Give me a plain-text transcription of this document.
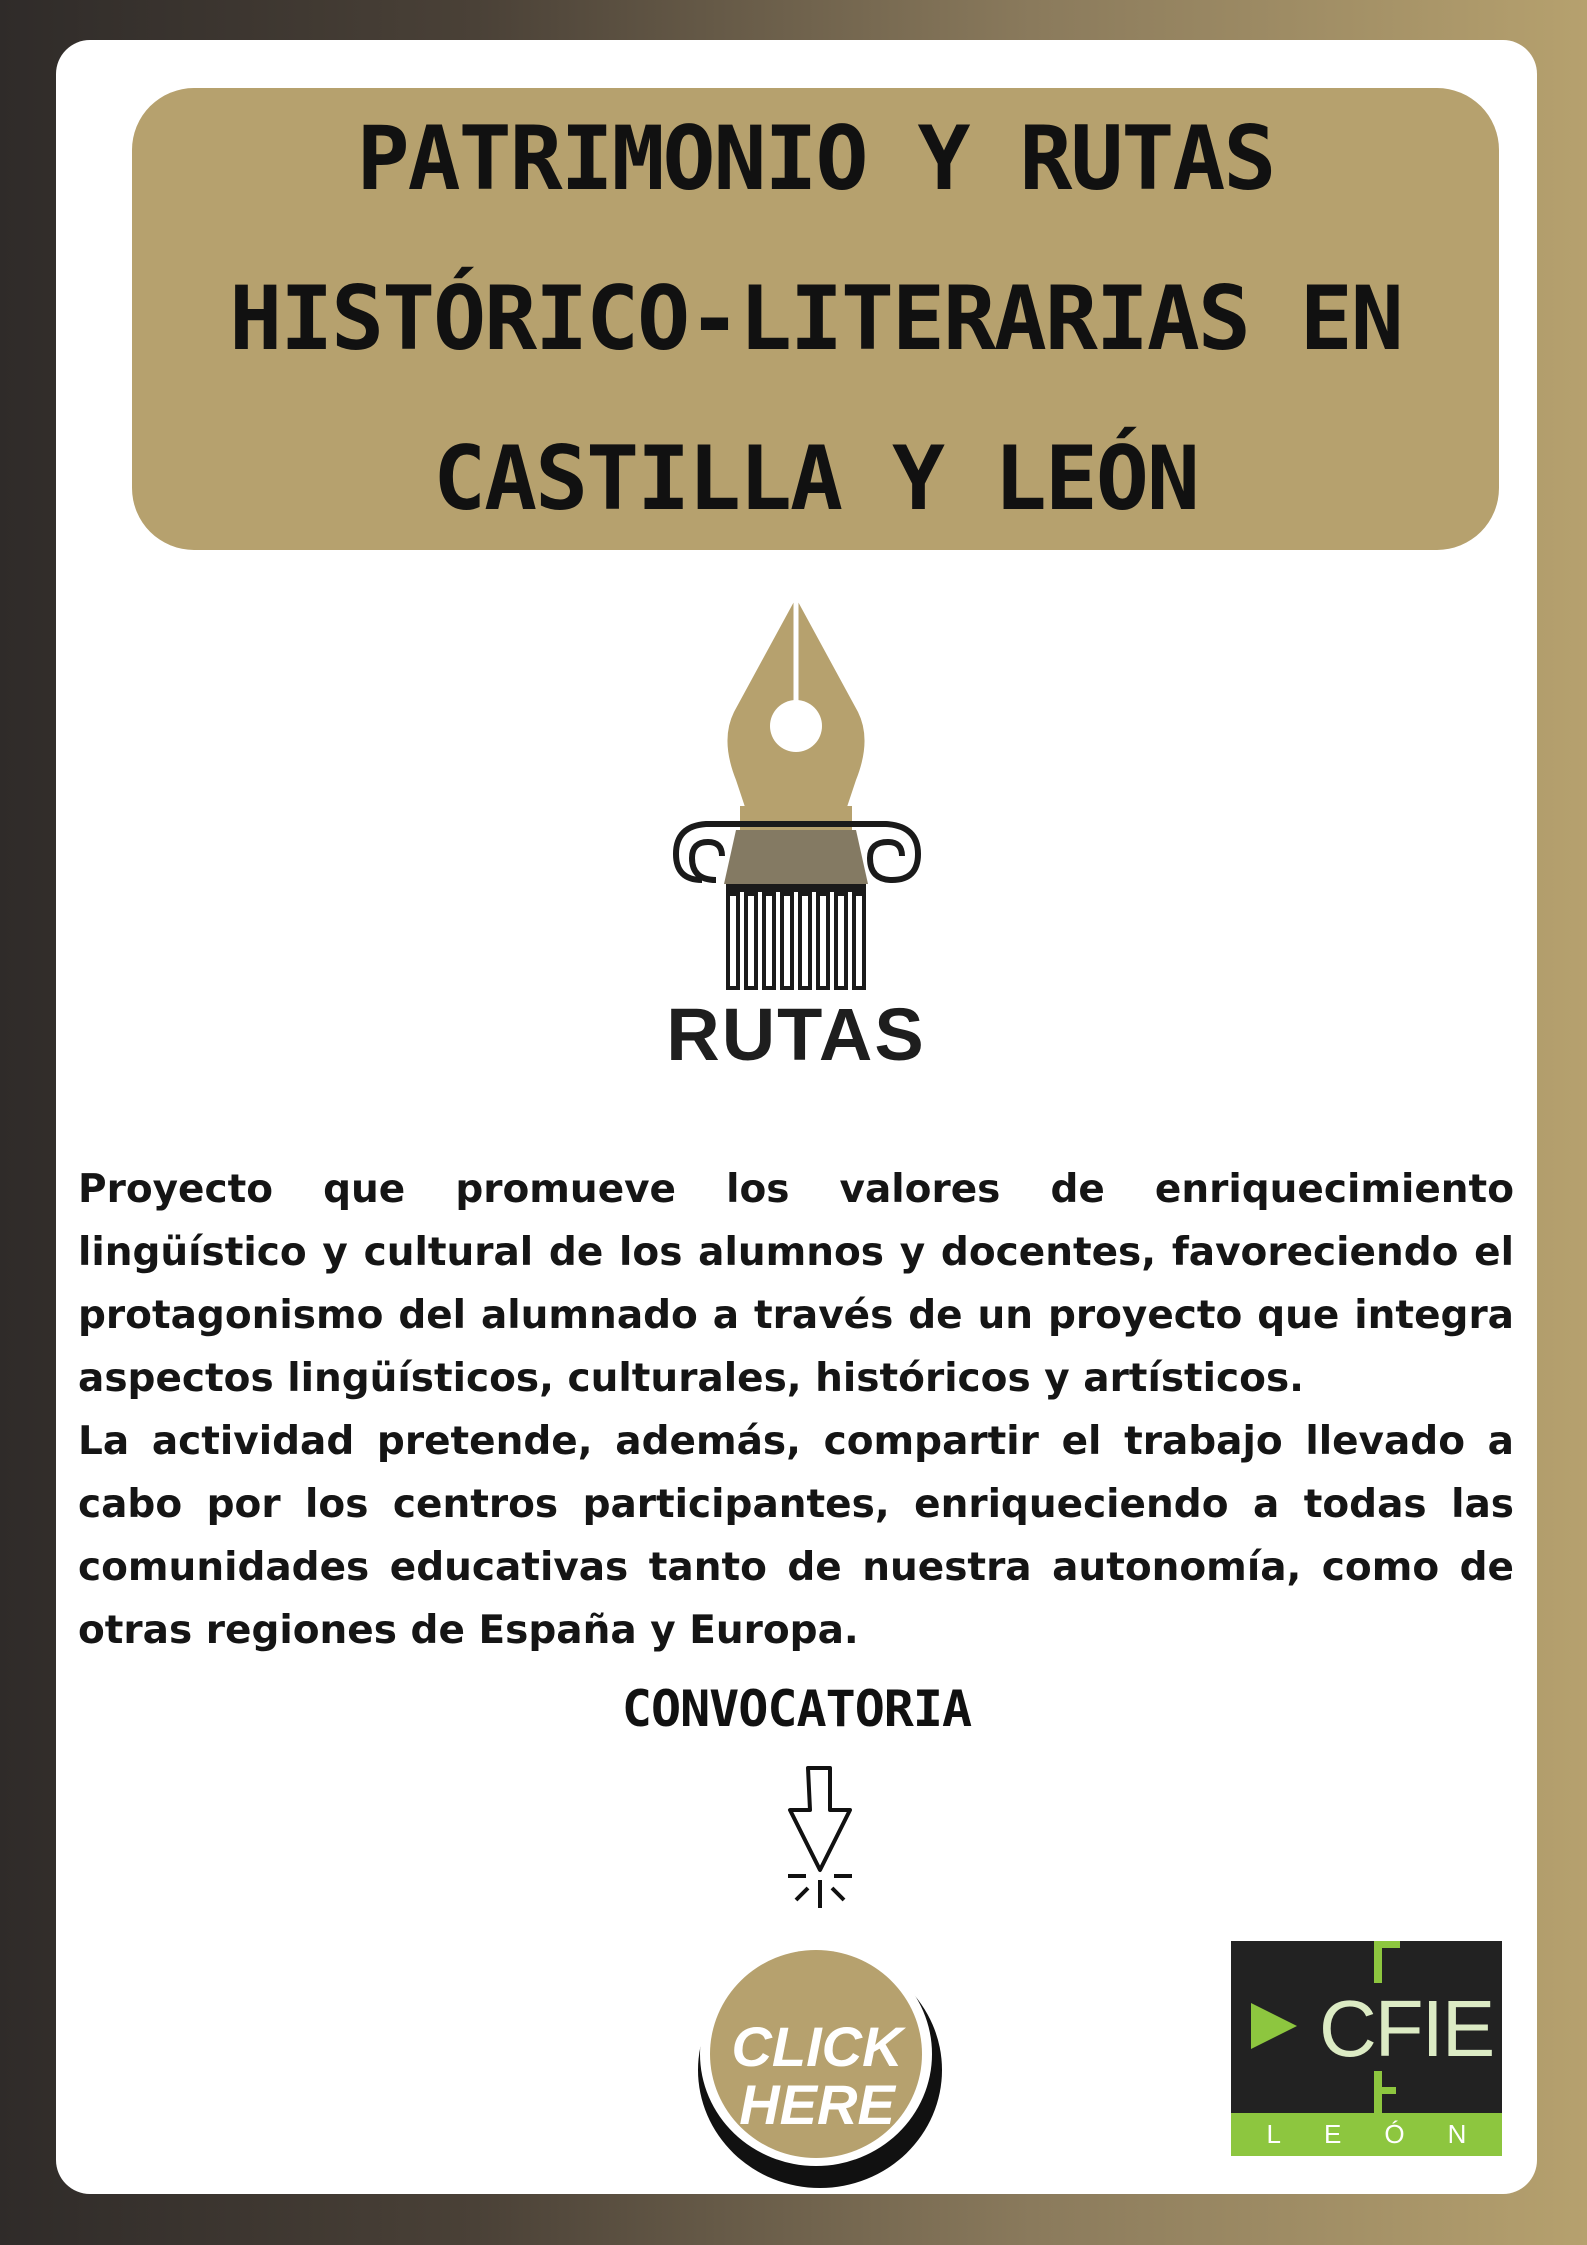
PATRIMONIO Y RUTAS
HISTÓRICO-LITERARIAS EN
CASTILLA Y LEÓN
RUTAS

Proyecto que promueve los valores de enriquecimiento lingüístico y cultural de los alumnos y docentes, favoreciendo el protagonismo del alumnado a través de un proyecto que integra aspectos lingüísticos, culturales, históricos y artísticos.

La actividad pretende, además, compartir el trabajo llevado a cabo por los centros participantes, enriqueciendo a todas las comunidades educativas tanto de nuestra autonomía, como de otras regiones de España y Europa.

CONVOCATORIA
CLICK
HERE
CFIE
L E Ó N
